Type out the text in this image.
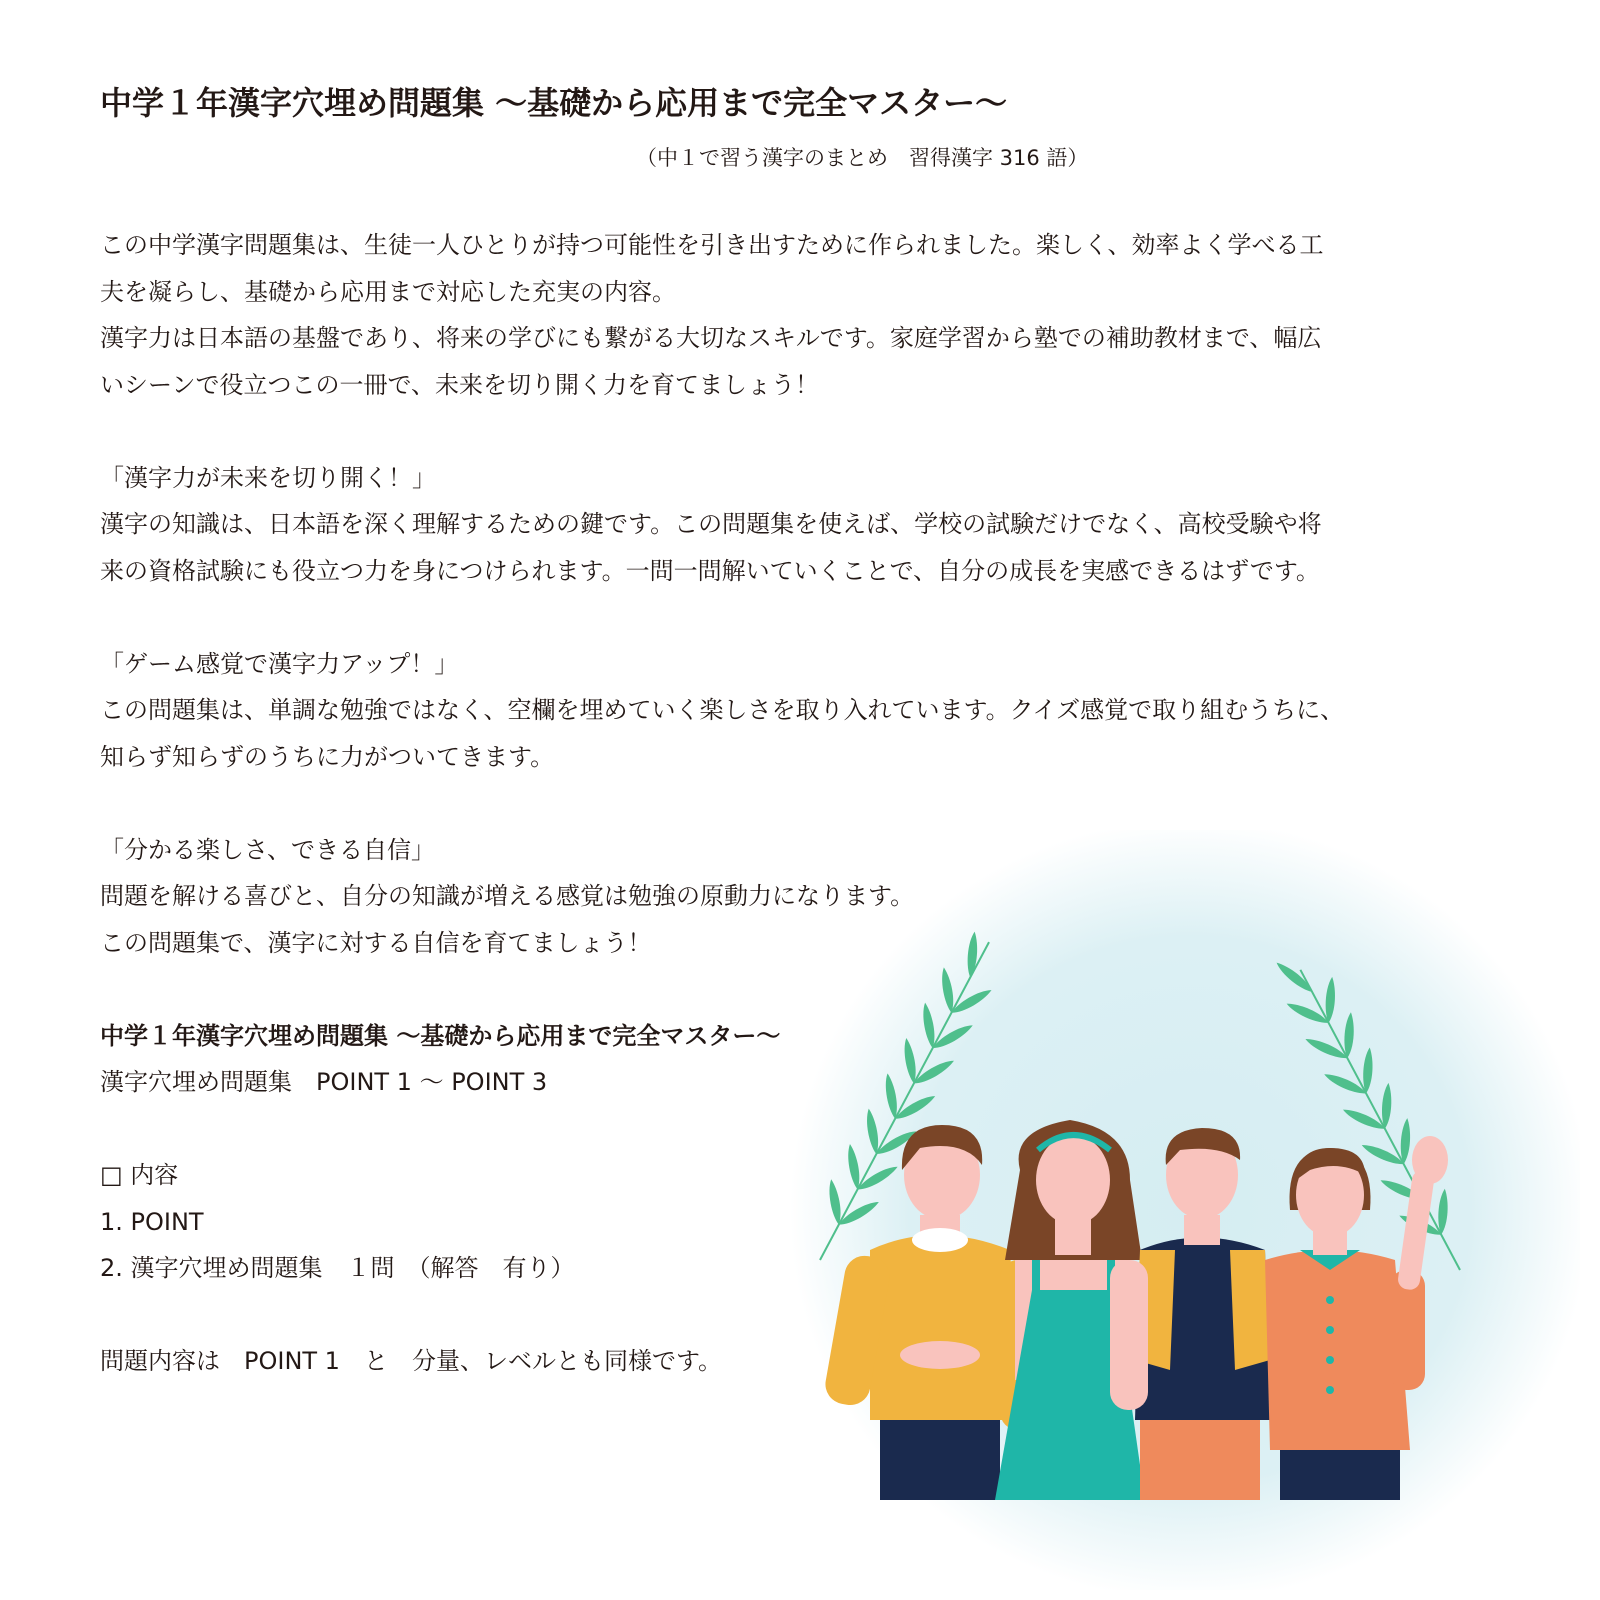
中学１年漢字穴埋め問題集 〜基礎から応用まで完全マスター〜
（中１で習う漢字のまとめ　習得漢字 316 語）

この中学漢字問題集は、生徒一人ひとりが持つ可能性を引き出すために作られました。楽しく、効率よく学べる工

夫を凝らし、基礎から応用まで対応した充実の内容。

漢字力は日本語の基盤であり、将来の学びにも繋がる大切なスキルです。家庭学習から塾での補助教材まで、幅広

いシーンで役立つこの一冊で、未来を切り開く力を育てましょう！

「漢字力が未来を切り開く！」

漢字の知識は、日本語を深く理解するための鍵です。この問題集を使えば、学校の試験だけでなく、高校受験や将

来の資格試験にも役立つ力を身につけられます。一問一問解いていくことで、自分の成長を実感できるはずです。

「ゲーム感覚で漢字力アップ！」

この問題集は、単調な勉強ではなく、空欄を埋めていく楽しさを取り入れています。クイズ感覚で取り組むうちに、

知らず知らずのうちに力がついてきます。

「分かる楽しさ、できる自信」

問題を解ける喜びと、自分の知識が増える感覚は勉強の原動力になります。

この問題集で、漢字に対する自信を育てましょう！

中学１年漢字穴埋め問題集 〜基礎から応用まで完全マスター〜

漢字穴埋め問題集　POINT 1 〜 POINT 3

□ 内容

1. POINT

2. 漢字穴埋め問題集　１問　（解答　有り）

問題内容は　POINT 1　と　分量、レベルとも同様です。
